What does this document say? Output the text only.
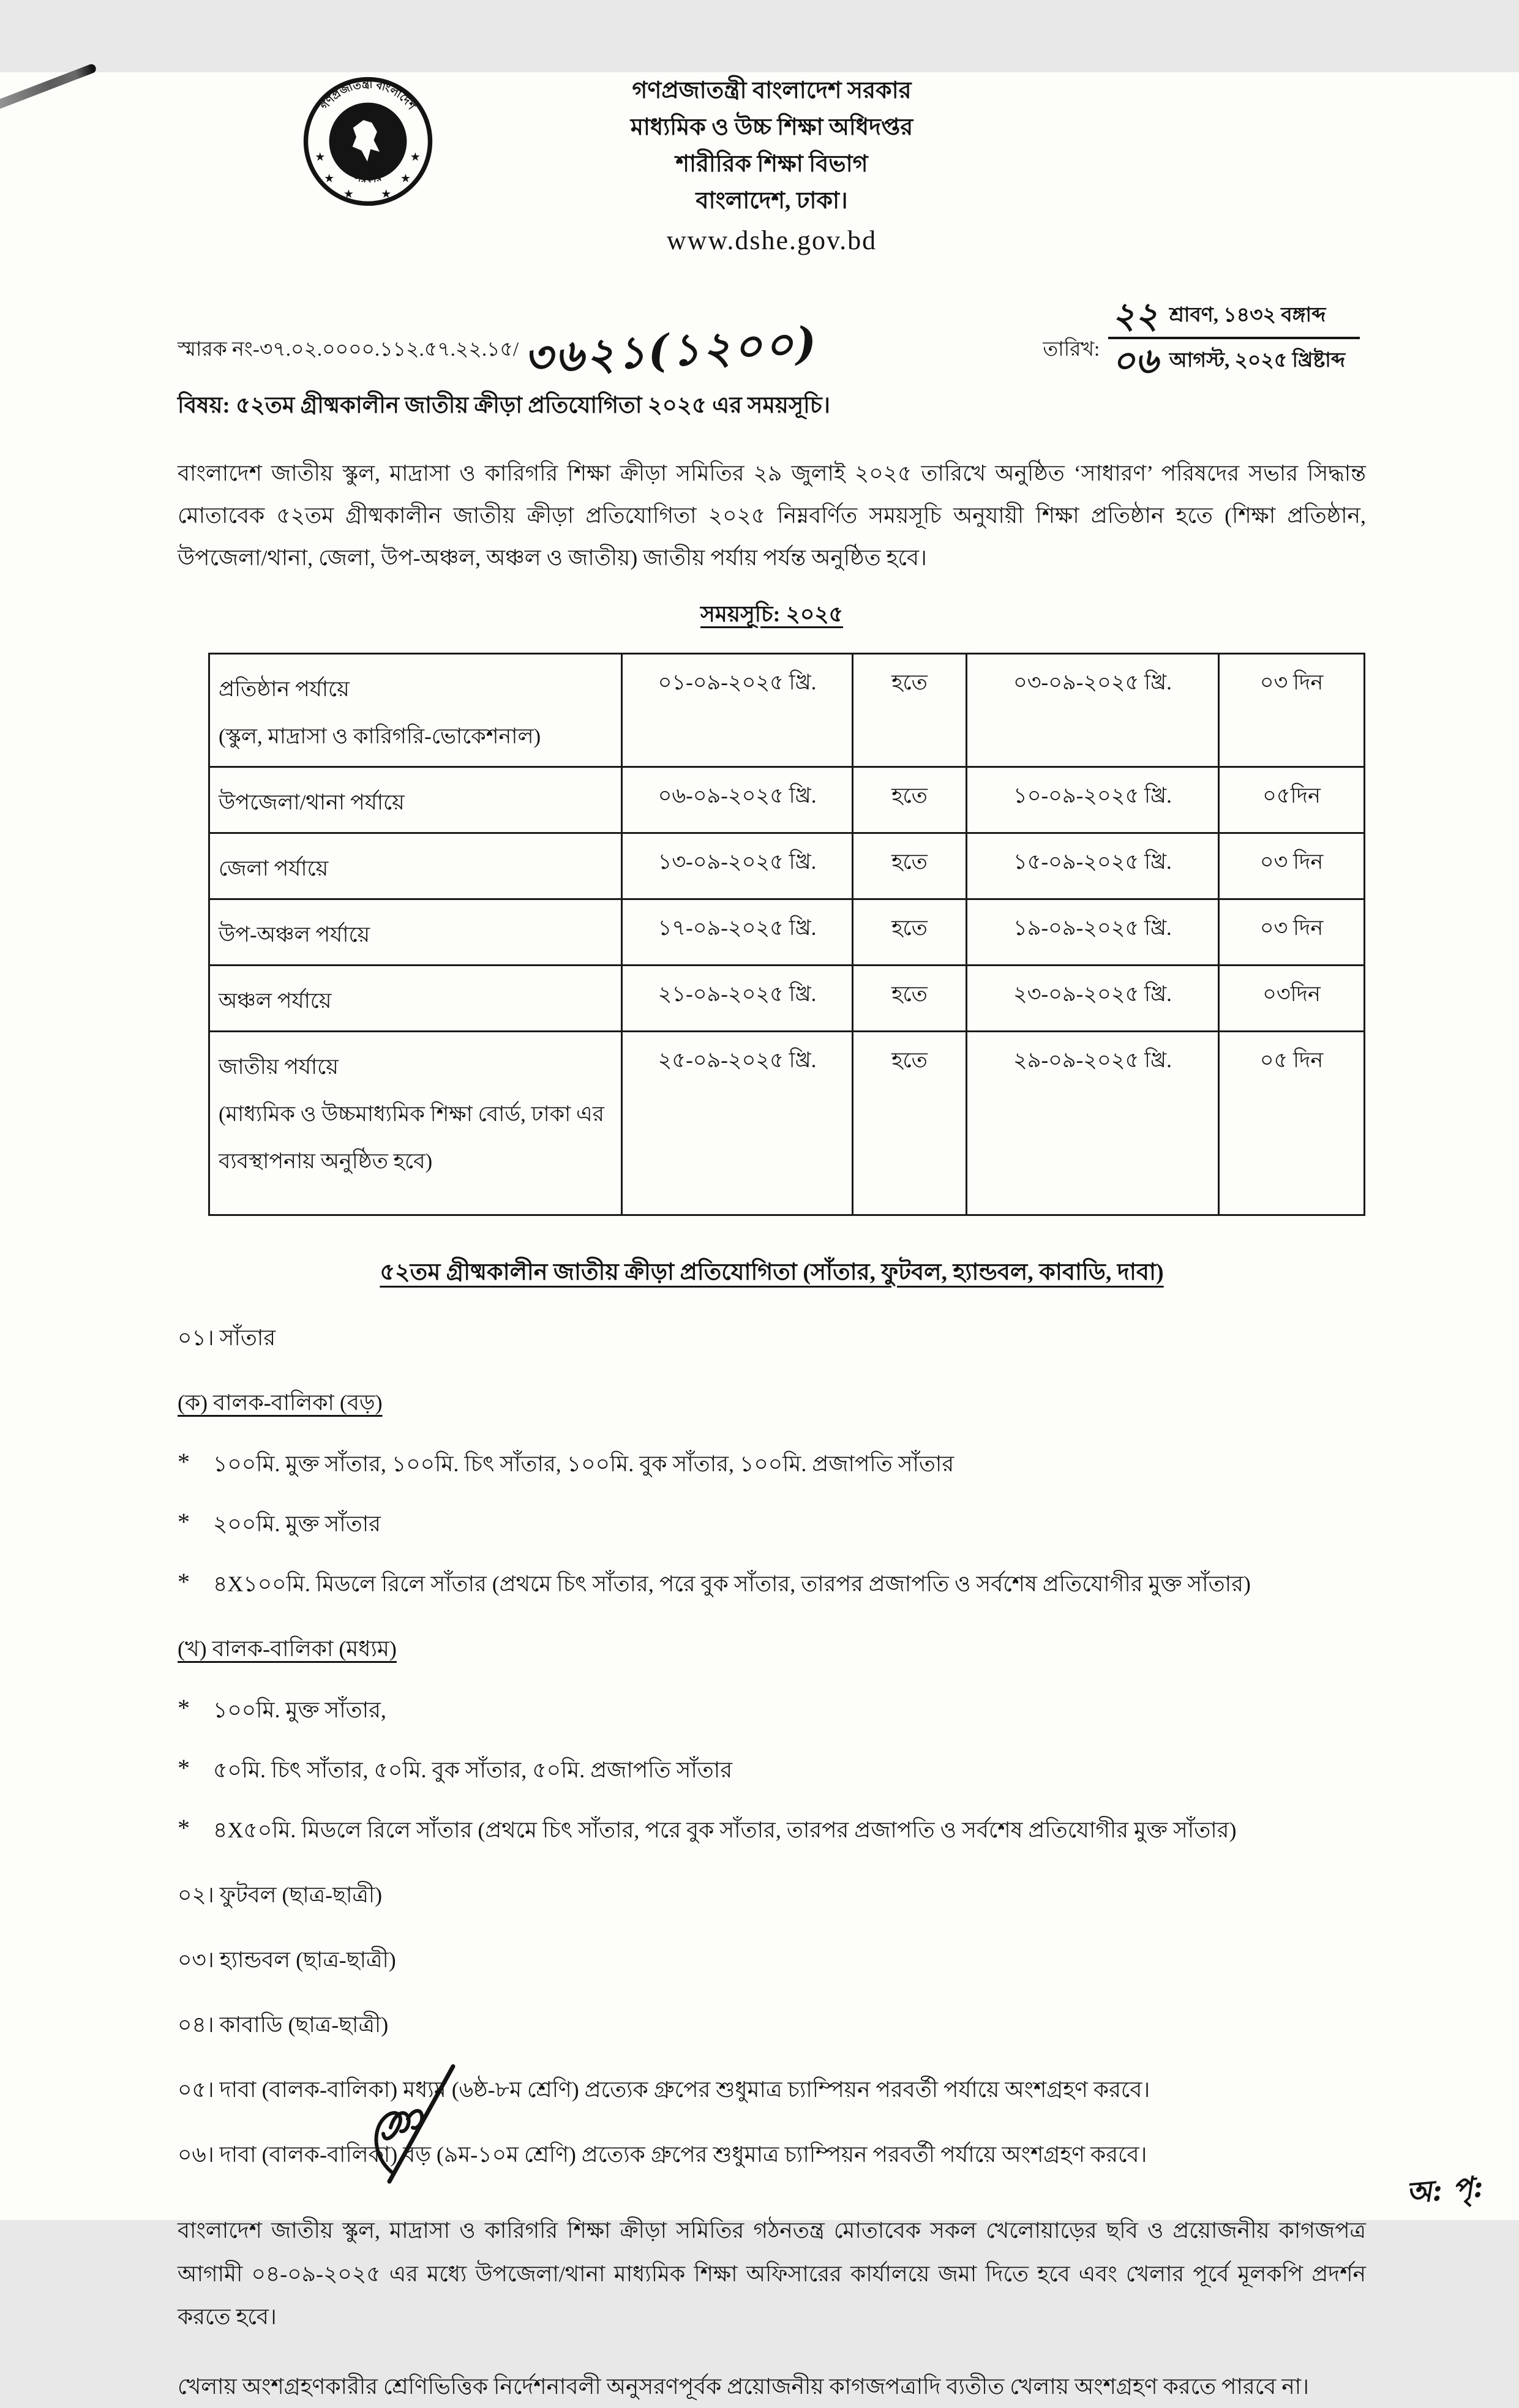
গণপ্রজাতন্ত্রী বাংলাদেশ
সরকার
★
★
★
★
★
★
গণপ্রজাতন্ত্রী বাংলাদেশ সরকার
মাধ্যমিক ও উচ্চ শিক্ষা অধিদপ্তর
শারীরিক শিক্ষা বিভাগ
বাংলাদেশ, ঢাকা।
www.dshe.gov.bd
স্মারক নং-৩৭.০২.০০০০.১১২.৫৭.২২.১৫/ ৩৬২১(১২০০)	তারিখ: $\frac{\text{২২ শ্রাবণ, ১৪৩২ বঙ্গাব্দ}}{\text{০৬ আগস্ট, ২০২৫ খ্রিষ্টাব্দ}}$
বিষয়: ৫২তম গ্রীষ্মকালীন জাতীয় ক্রীড়া প্রতিযোগিতা ২০২৫ এর সময়সূচি।
বাংলাদেশ জাতীয় স্কুল, মাদ্রাসা ও কারিগরি শিক্ষা ক্রীড়া সমিতির ২৯ জুলাই ২০২৫ তারিখে অনুষ্ঠিত ‘সাধারণ’ পরিষদের সভার সিদ্ধান্ত মোতাবেক ৫২তম গ্রীষ্মকালীন জাতীয় ক্রীড়া প্রতিযোগিতা ২০২৫ নিম্নবর্ণিত সময়সূচি অনুযায়ী শিক্ষা প্রতিষ্ঠান হতে (শিক্ষা প্রতিষ্ঠান, উপজেলা/থানা, জেলা, উপ-অঞ্চল, অঞ্চল ও জাতীয়) জাতীয় পর্যায় পর্যন্ত অনুষ্ঠিত হবে।
সময়সূচি: ২০২৫
প্রতিষ্ঠান পর্যায়ে
(স্কুল, মাদ্রাসা ও কারিগরি-ভোকেশনাল)	০১-০৯-২০২৫ খ্রি.	হতে	০৩-০৯-২০২৫ খ্রি.	০৩ দিন

উপজেলা/থানা পর্যায়ে	০৬-০৯-২০২৫ খ্রি.	হতে	১০-০৯-২০২৫ খ্রি.	০৫দিন

জেলা পর্যায়ে	১৩-০৯-২০২৫ খ্রি.	হতে	১৫-০৯-২০২৫ খ্রি.	০৩ দিন

উপ-অঞ্চল পর্যায়ে	১৭-০৯-২০২৫ খ্রি.	হতে	১৯-০৯-২০২৫ খ্রি.	০৩ দিন

অঞ্চল পর্যায়ে	২১-০৯-২০২৫ খ্রি.	হতে	২৩-০৯-২০২৫ খ্রি.	০৩দিন

জাতীয় পর্যায়ে
(মাধ্যমিক ও উচ্চমাধ্যমিক শিক্ষা বোর্ড, ঢাকা এর ব্যবস্থাপনায় অনুষ্ঠিত হবে)	২৫-০৯-২০২৫ খ্রি.	হতে	২৯-০৯-২০২৫ খ্রি.	০৫ দিন
৫২তম গ্রীষ্মকালীন জাতীয় ক্রীড়া প্রতিযোগিতা (সাঁতার, ফুটবল, হ্যান্ডবল, কাবাডি, দাবা)
০১। সাঁতার
(ক) বালক-বালিকা (বড়)
*	১০০মি. মুক্ত সাঁতার, ১০০মি. চিৎ সাঁতার, ১০০মি. বুক সাঁতার, ১০০মি. প্রজাপতি সাঁতার
*	২০০মি. মুক্ত সাঁতার
*	৪X১০০মি. মিডলে রিলে সাঁতার (প্রথমে চিৎ সাঁতার, পরে বুক সাঁতার, তারপর প্রজাপতি ও সর্বশেষ প্রতিযোগীর মুক্ত সাঁতার)
(খ) বালক-বালিকা (মধ্যম)
*	১০০মি. মুক্ত সাঁতার,
*	৫০মি. চিৎ সাঁতার, ৫০মি. বুক সাঁতার, ৫০মি. প্রজাপতি সাঁতার
*	৪X৫০মি. মিডলে রিলে সাঁতার (প্রথমে চিৎ সাঁতার, পরে বুক সাঁতার, তারপর প্রজাপতি ও সর্বশেষ প্রতিযোগীর মুক্ত সাঁতার)
০২। ফুটবল (ছাত্র-ছাত্রী)
০৩। হ্যান্ডবল (ছাত্র-ছাত্রী)
০৪। কাবাডি (ছাত্র-ছাত্রী)
০৫। দাবা (বালক-বালিকা) মধ্যম (৬ষ্ঠ-৮ম শ্রেণি) প্রত্যেক গ্রুপের শুধুমাত্র চ্যাম্পিয়ন পরবর্তী পর্যায়ে অংশগ্রহণ করবে।
০৬। দাবা (বালক-বালিকা) বড় (৯ম-১০ম শ্রেণি) প্রত্যেক গ্রুপের শুধুমাত্র চ্যাম্পিয়ন পরবর্তী পর্যায়ে অংশগ্রহণ করবে।
বাংলাদেশ জাতীয় স্কুল, মাদ্রাসা ও কারিগরি শিক্ষা ক্রীড়া সমিতির গঠনতন্ত্র মোতাবেক সকল খেলোয়াড়ের ছবি ও প্রয়োজনীয় কাগজপত্র আগামী ০৪-০৯-২০২৫ এর মধ্যে উপজেলা/থানা মাধ্যমিক শিক্ষা অফিসারের কার্যালয়ে জমা দিতে হবে এবং খেলার পূর্বে মূলকপি প্রদর্শন করতে হবে।
খেলায় অংশগ্রহণকারীর শ্রেণিভিত্তিক নির্দেশনাবলী অনুসরণপূর্বক প্রয়োজনীয় কাগজপত্রাদি ব্যতীত খেলায় অংশগ্রহণ করতে পারবে না।
অ: পৃ:
